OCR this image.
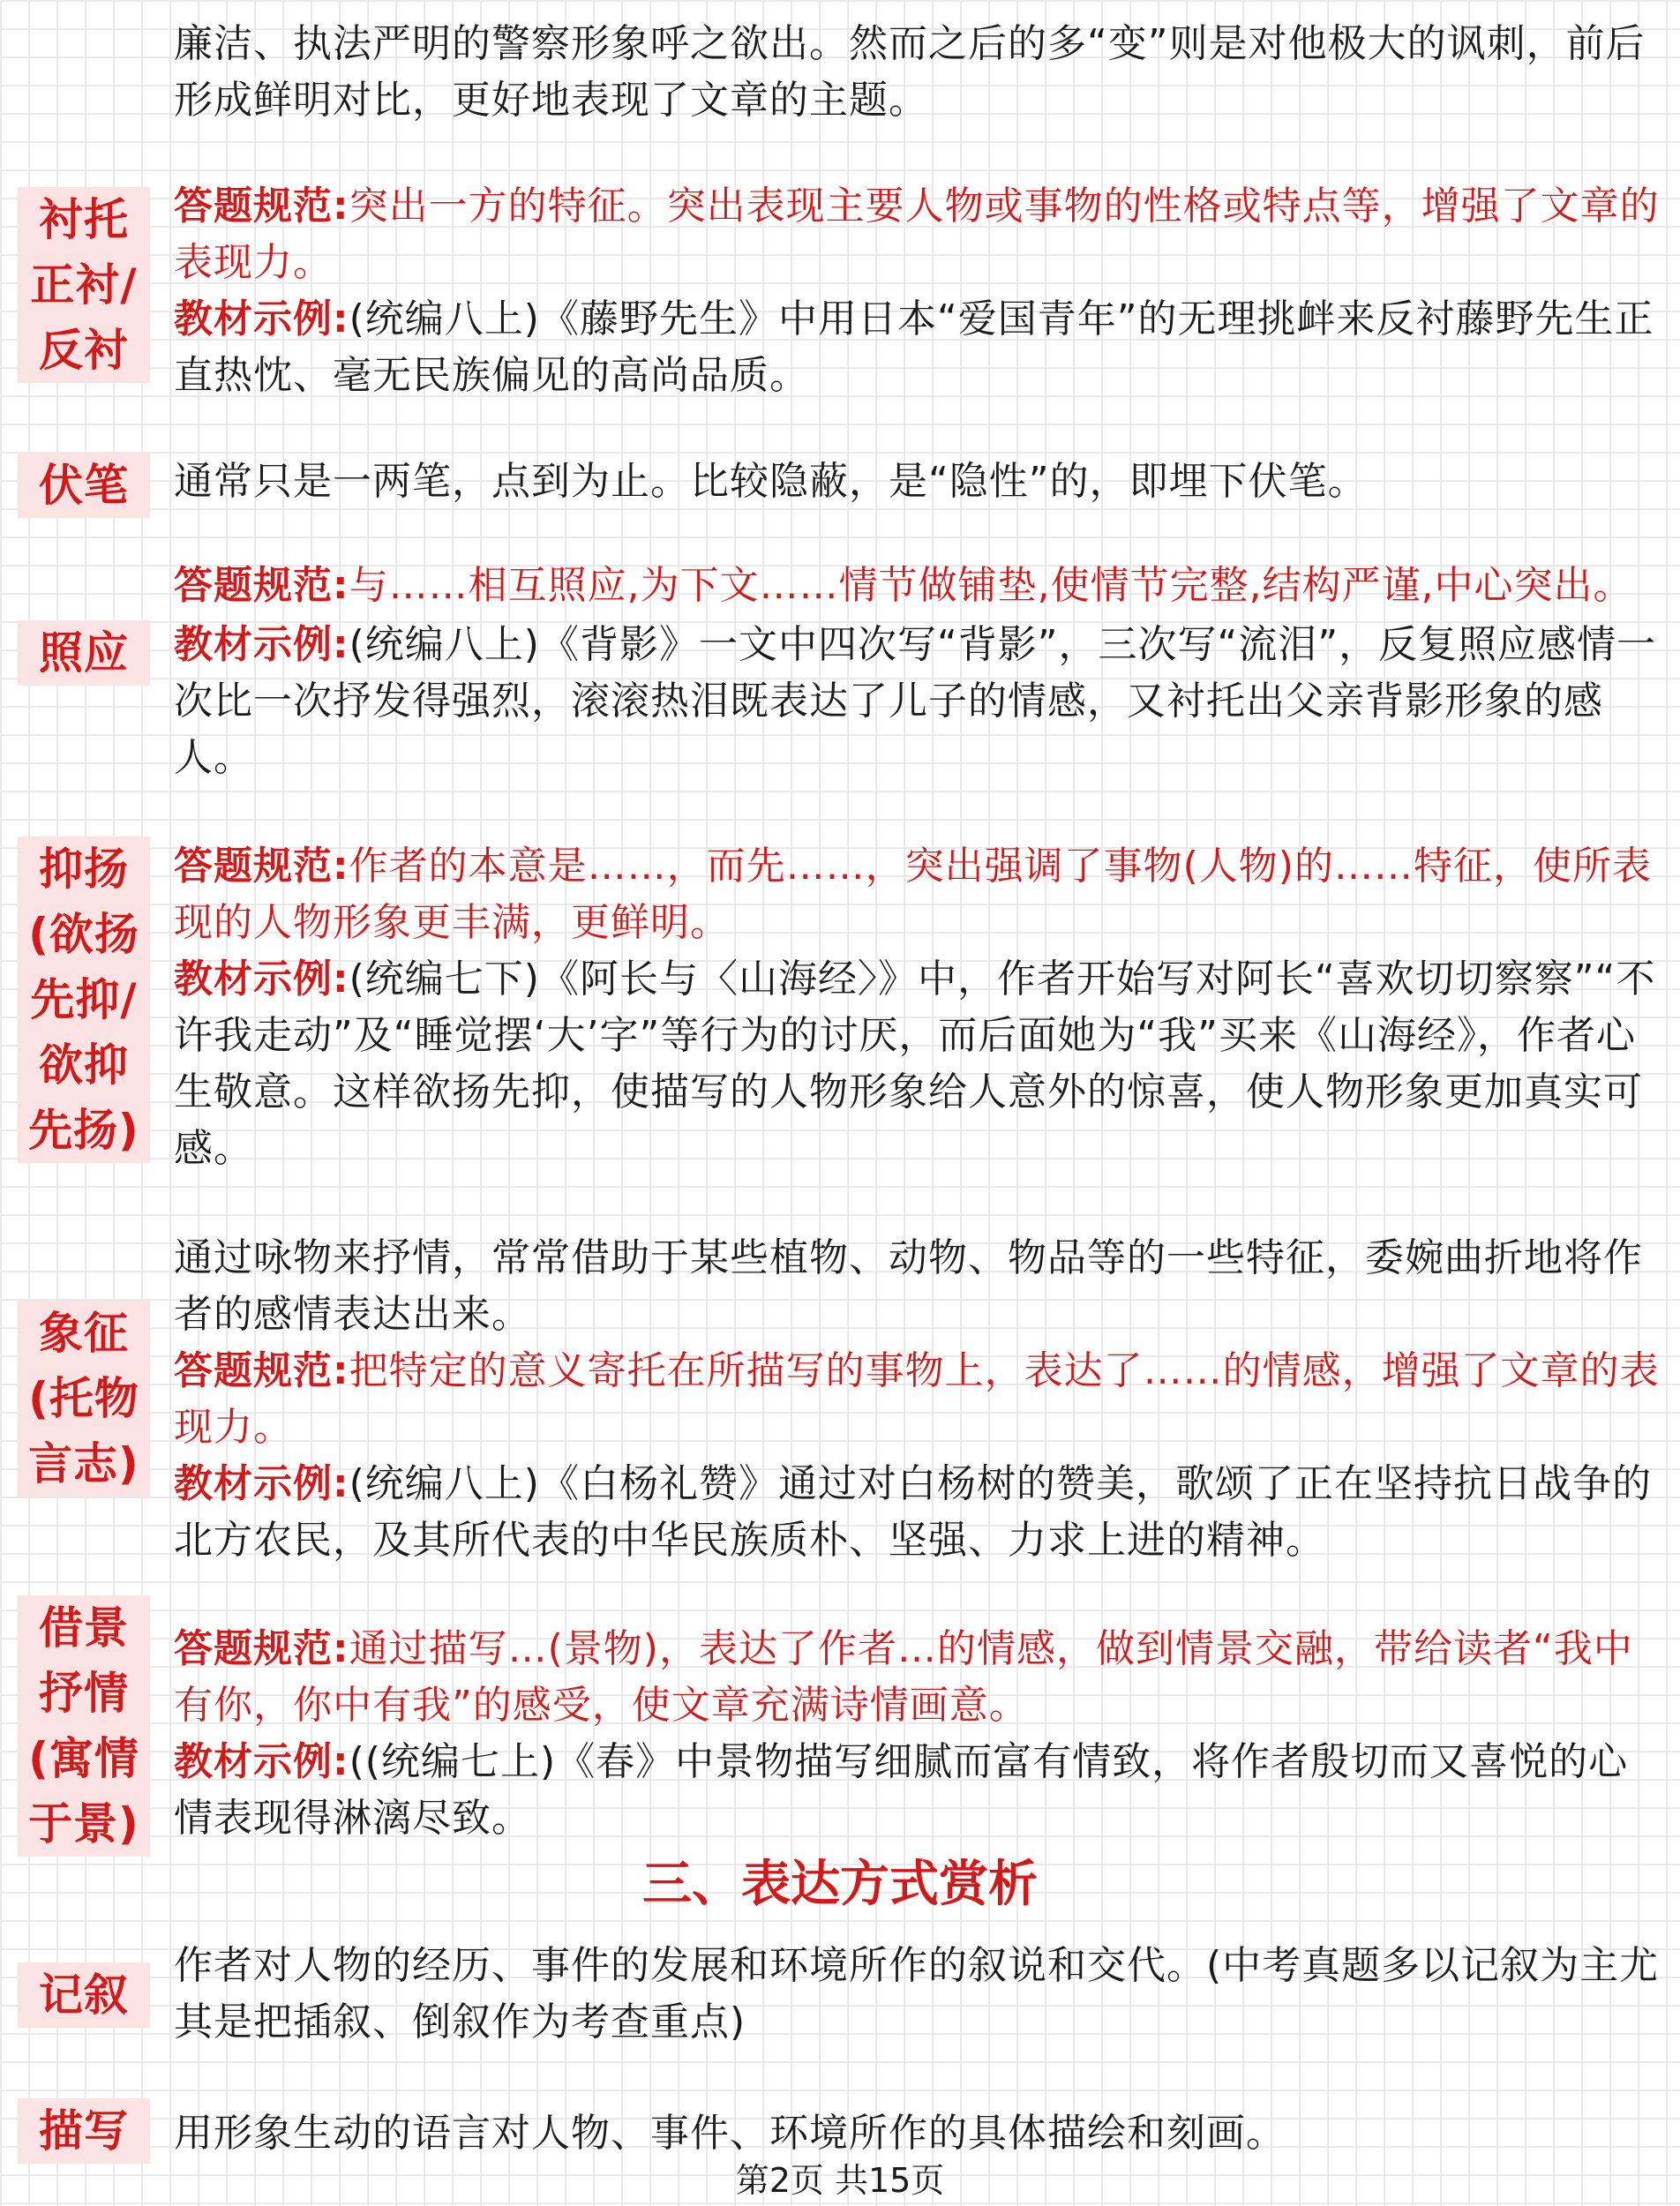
廉洁、执法严明的警察形象呼之欲出。然而之后的多“变”则是对他极大的讽刺，前后形成鲜明对比，更好地表现了文章的主题。

衬托
正衬/
反衬

答题规范:突出一方的特征。突出表现主要人物或事物的性格或特点等，增强了文章的表现力。

教材示例:(统编八上)《藤野先生》中用日本“爱国青年”的无理挑衅来反衬藤野先生正直热忱、毫无民族偏见的高尚品质。

伏笔	通常只是一两笔，点到为止。比较隐蔽，是“隐性”的，即埋下伏笔。

照应

答题规范:与……相互照应,为下文……情节做铺垫,使情节完整,结构严谨,中心突出。

教材示例:(统编八上)《背影》一文中四次写“背影”，三次写“流泪”，反复照应感情一次比一次抒发得强烈，滚滚热泪既表达了儿子的情感，又衬托出父亲背影形象的感人。

抑扬
(欲扬
先抑/
欲抑
先扬)

答题规范:作者的本意是……，而先……，突出强调了事物(人物)的……特征，使所表现的人物形象更丰满，更鲜明。

教材示例:(统编七下)《阿长与〈山海经〉》中，作者开始写对阿长“喜欢切切察察”“不许我走动”及“睡觉摆‘大’字”等行为的讨厌，而后面她为“我”买来《山海经》，作者心生敬意。这样欲扬先抑，使描写的人物形象给人意外的惊喜，使人物形象更加真实可感。

象征
(托物
言志)

通过咏物来抒情，常常借助于某些植物、动物、物品等的一些特征，委婉曲折地将作者的感情表达出来。

答题规范:把特定的意义寄托在所描写的事物上，表达了……的情感，增强了文章的表现力。

教材示例:(统编八上)《白杨礼赞》通过对白杨树的赞美，歌颂了正在坚持抗日战争的北方农民，及其所代表的中华民族质朴、坚强、力求上进的精神。

借景
抒情
(寓情
于景)

答题规范:通过描写…(景物)，表达了作者…的情感，做到情景交融，带给读者“我中有你，你中有我”的感受，使文章充满诗情画意。

教材示例:((统编七上)《春》中景物描写细腻而富有情致，将作者殷切而又喜悦的心情表现得淋漓尽致。

三、表达方式赏析
记叙

作者对人物的经历、事件的发展和环境所作的叙说和交代。(中考真题多以记叙为主尤其是把插叙、倒叙作为考查重点)

描写	用形象生动的语言对人物、事件、环境所作的具体描绘和刻画。

第2页 共15页
